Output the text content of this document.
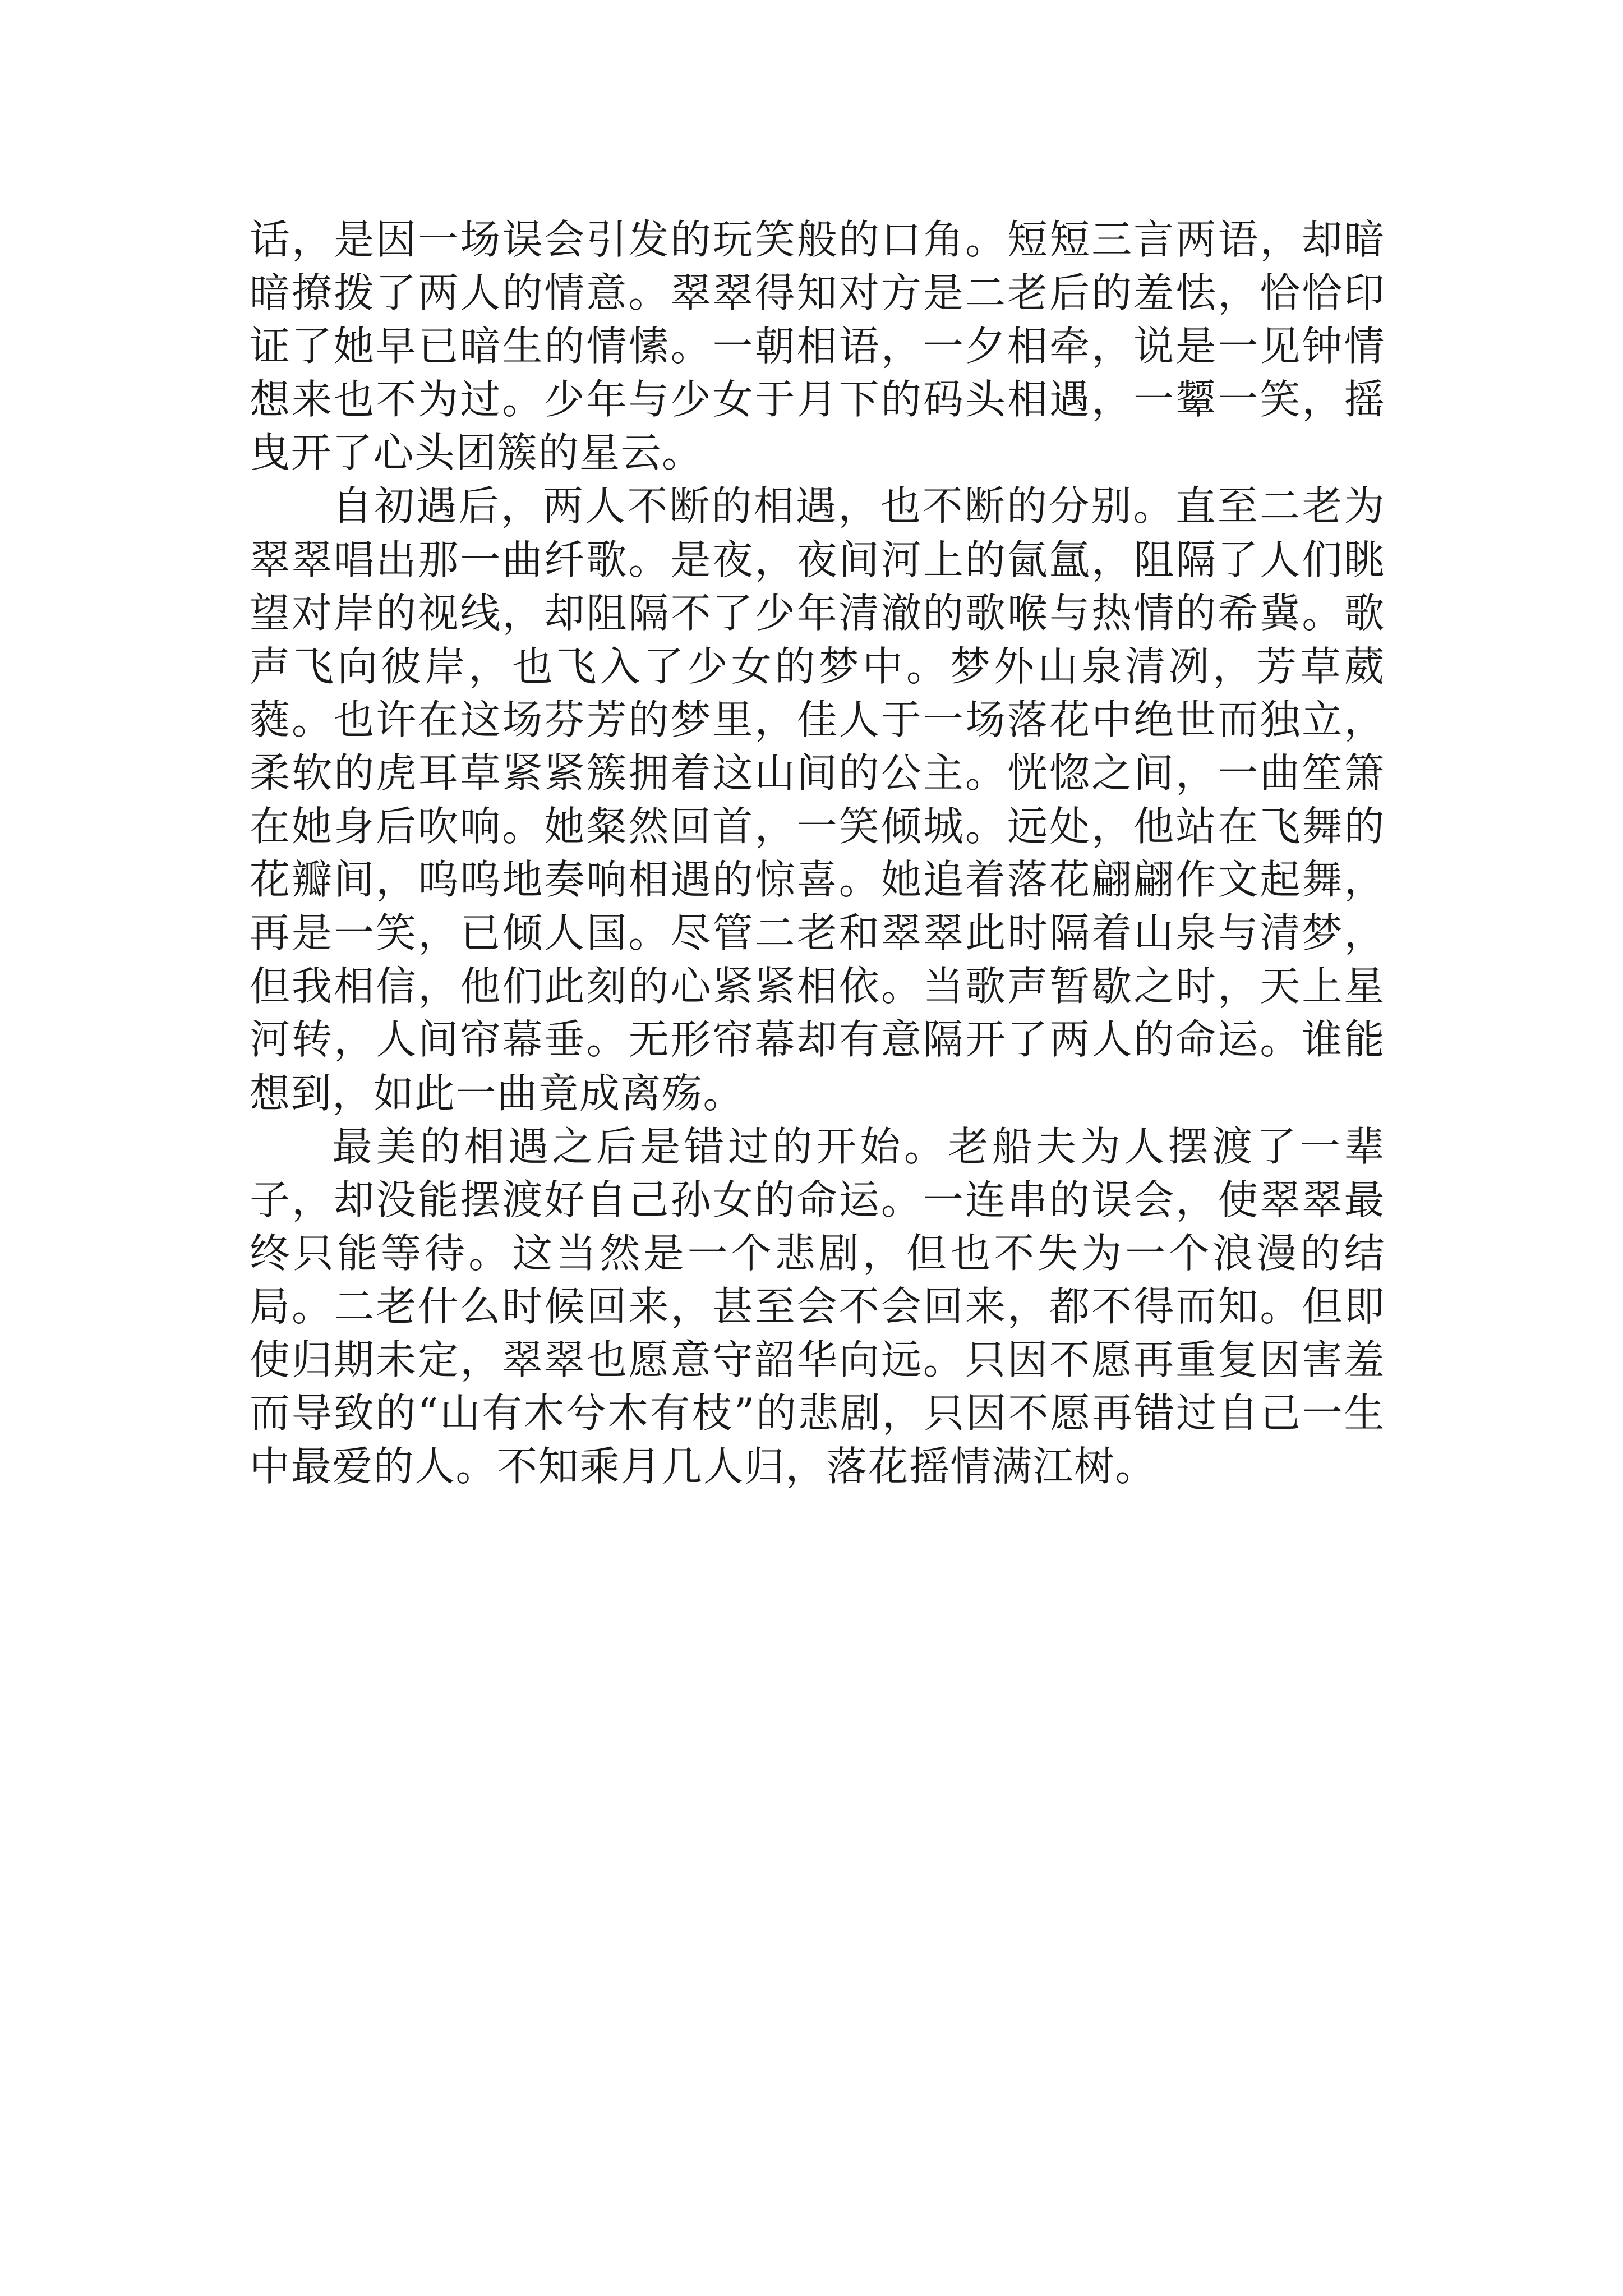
话，是因一场误会引发的玩笑般的口角。短短三言两语，却暗暗撩拨了两人的情意。翠翠得知对方是二老后的羞怯，恰恰印证了她早已暗生的情愫。一朝相语，一夕相牵，说是一见钟情想来也不为过。少年与少女于月下的码头相遇，一颦一笑，摇曳开了心头团簇的星云。

自初遇后，两人不断的相遇，也不断的分别。直至二老为翠翠唱出那一曲纤歌。是夜，夜间河上的氤氲，阻隔了人们眺望对岸的视线，却阻隔不了少年清澈的歌喉与热情的希冀。歌声飞向彼岸，也飞入了少女的梦中。梦外山泉清冽，芳草葳蕤。也许在这场芬芳的梦里，佳人于一场落花中绝世而独立，柔软的虎耳草紧紧簇拥着这山间的公主。恍惚之间，一曲笙箫在她身后吹响。她粲然回首，一笑倾城。远处，他站在飞舞的花瓣间，呜呜地奏响相遇的惊喜。她追着落花翩翩作文起舞，再是一笑，已倾人国。尽管二老和翠翠此时隔着山泉与清梦，但我相信，他们此刻的心紧紧相依。当歌声暂歇之时，天上星河转，人间帘幕垂。无形帘幕却有意隔开了两人的命运。谁能想到，如此一曲竟成离殇。

最美的相遇之后是错过的开始。老船夫为人摆渡了一辈子，却没能摆渡好自己孙女的命运。一连串的误会，使翠翠最终只能等待。这当然是一个悲剧，但也不失为一个浪漫的结局。二老什么时候回来，甚至会不会回来，都不得而知。但即使归期未定，翠翠也愿意守韶华向远。只因不愿再重复因害羞而导致的“山有木兮木有枝”的悲剧，只因不愿再错过自己一生中最爱的人。不知乘月几人归，落花摇情满江树。
